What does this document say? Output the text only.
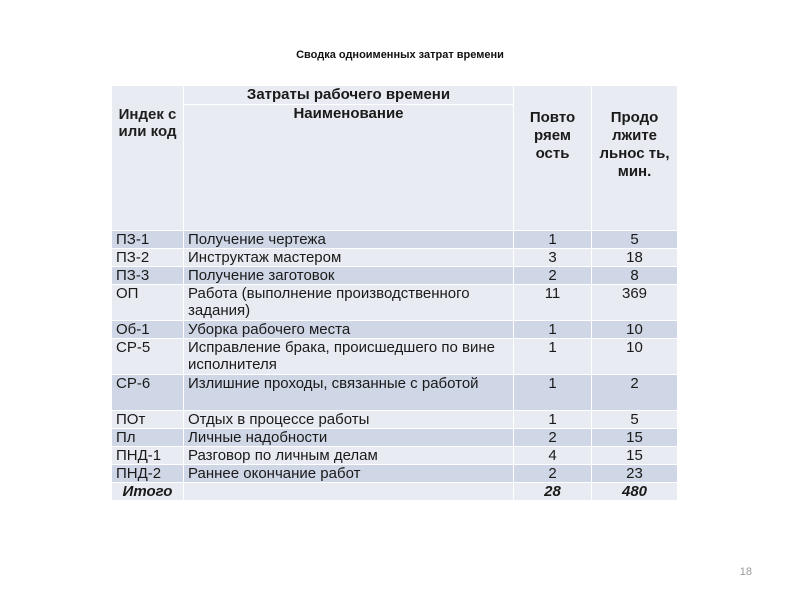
Сводка одноименных затрат времени
Индек с или код	Затраты рабочего времени
Наименование	Повто ряем ость	Продо лжите льнос ть, мин.
ПЗ-1	Получение чертежа	1	5
ПЗ-2	Инструктаж мастером	3	18
ПЗ-3	Получение заготовок	2	8
ОП	Работа (выполнение производственного задания)	11	369
Об-1	Уборка рабочего места	1	10
СР-5	Исправление брака, происшедшего по вине исполнителя	1	10
СР-6	Излишние проходы, связанные с работой	1	2
ПОт	Отдых в процессе работы	1	5
Пл	Личные надобности	2	15
ПНД-1	Разговор по личным делам	4	15
ПНД-2	Раннее окончание работ	2	23
Итого		28	480
18
